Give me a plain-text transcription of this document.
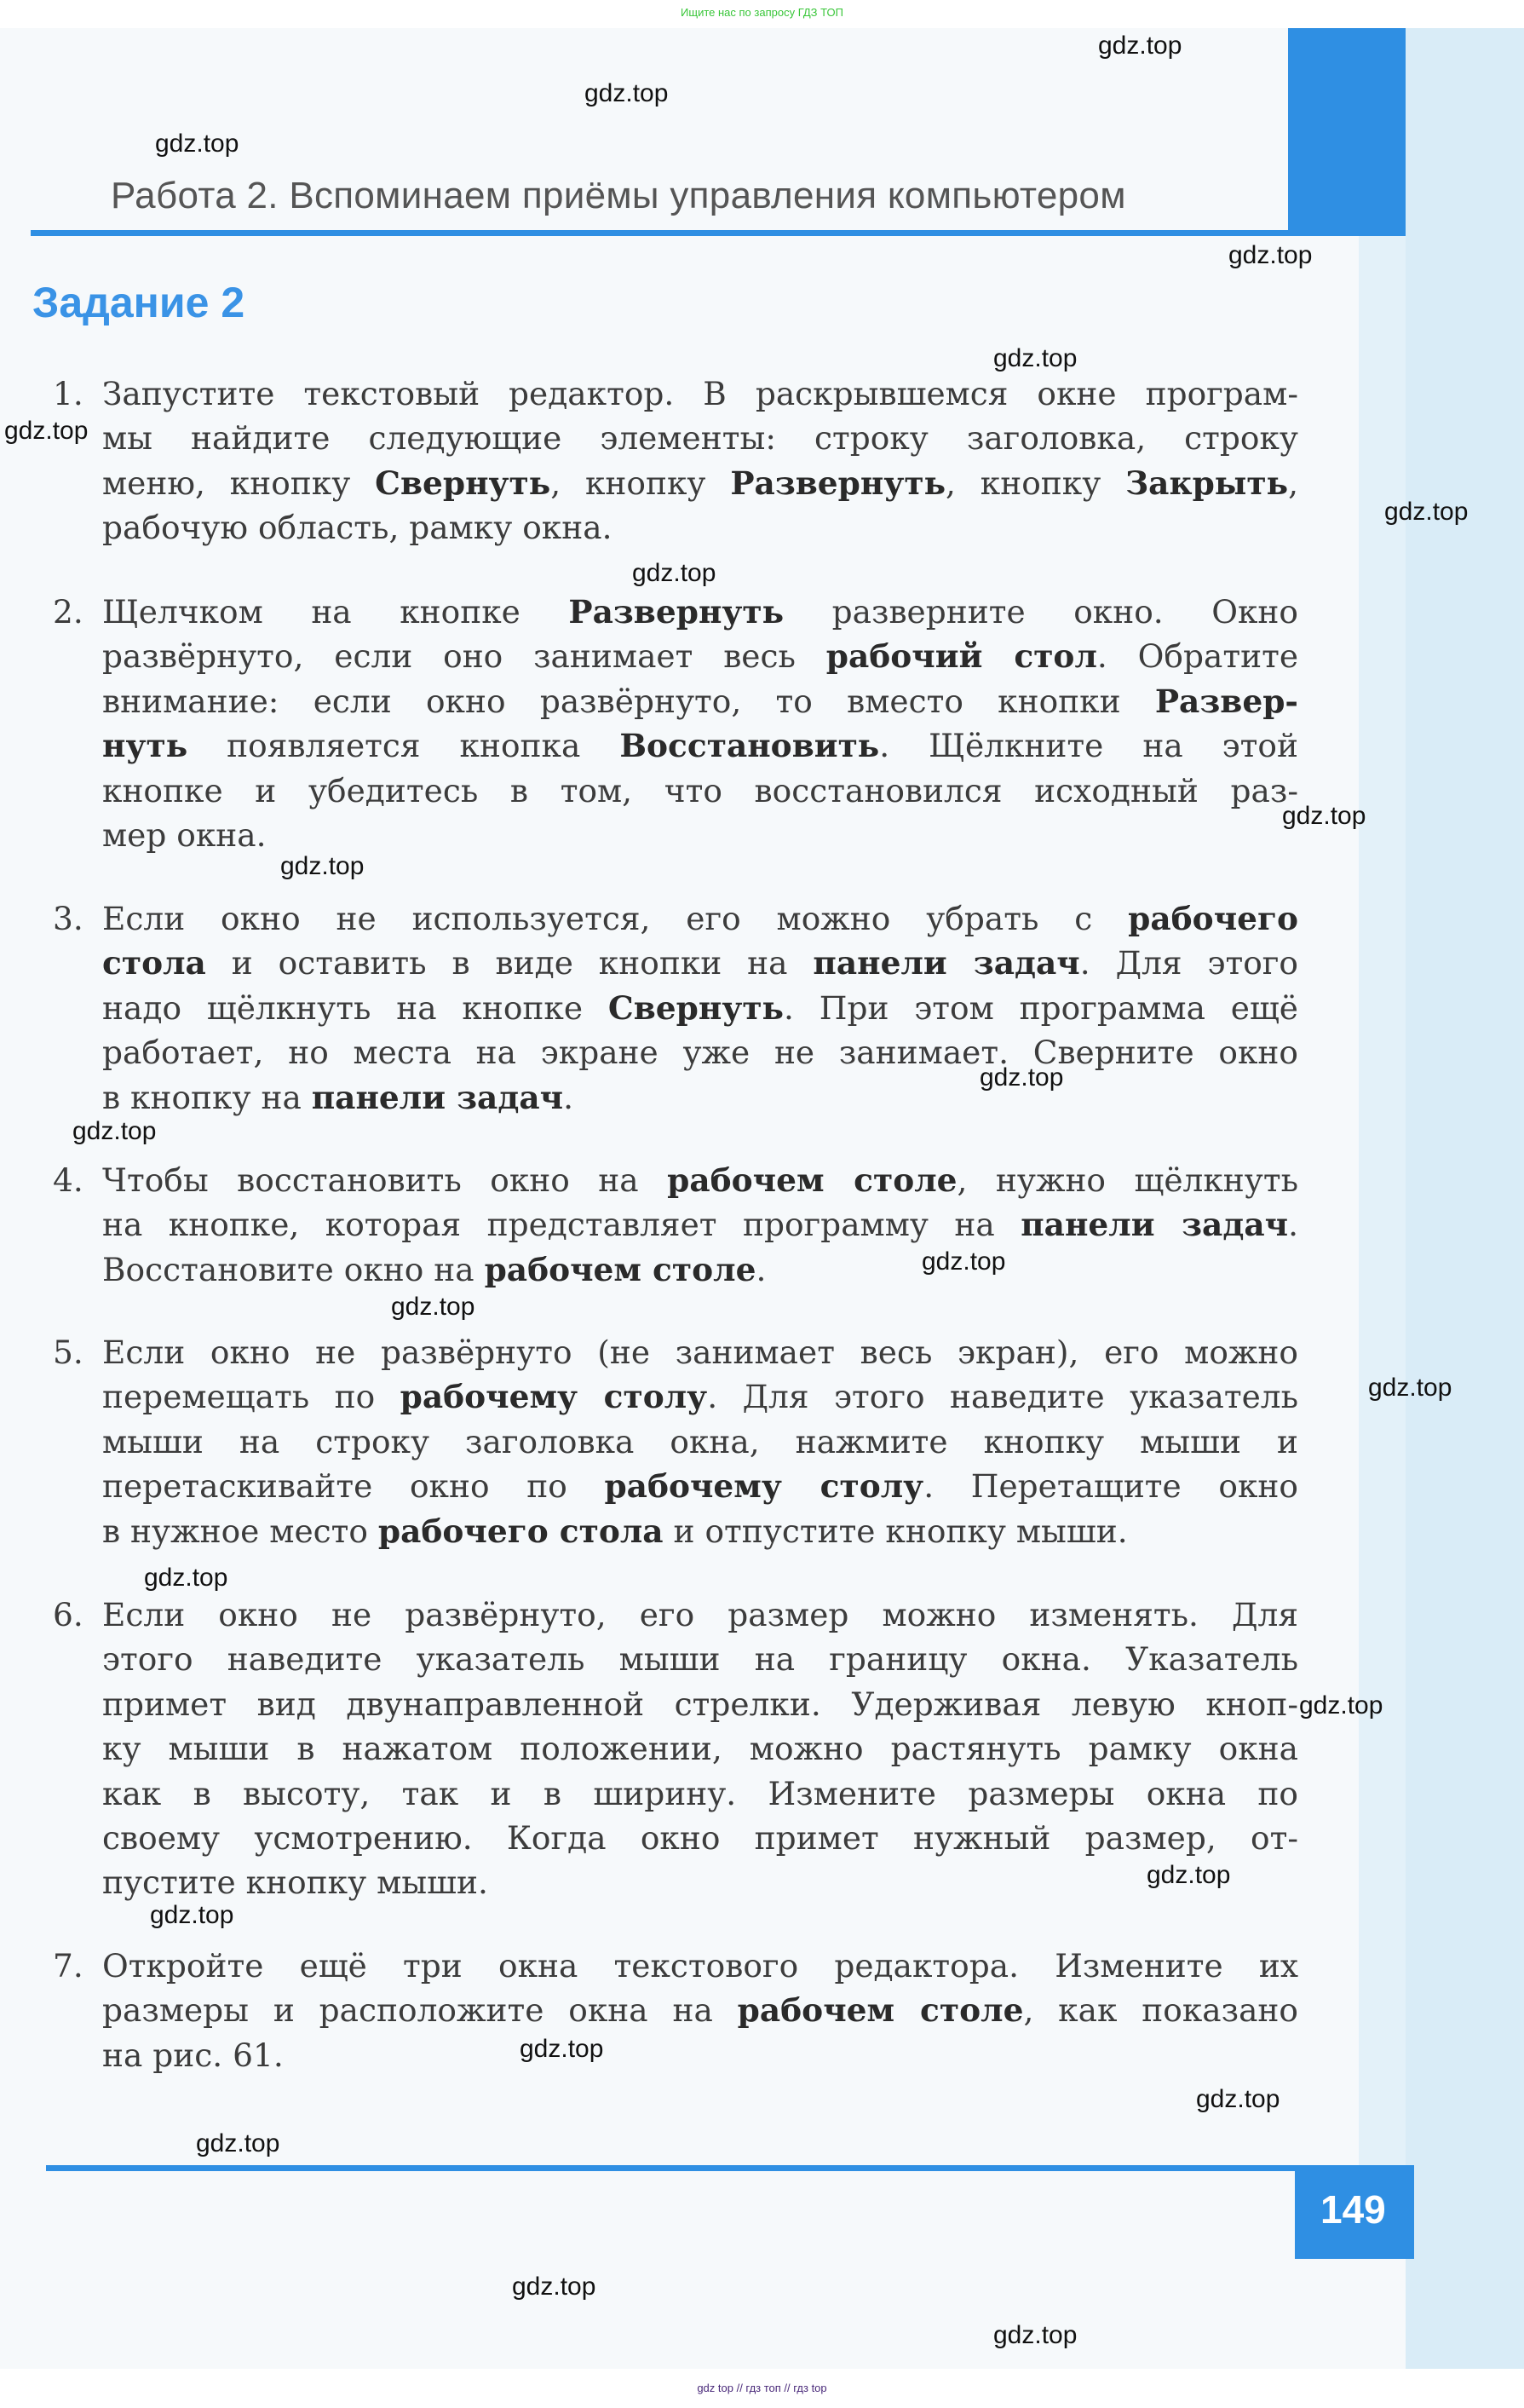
Ищите нас по запросу ГДЗ ТОП
Работа 2. Вспоминаем приёмы управления компьютером
Задание 2
1. Запустите текстовый редактор. В раскрывшемся окне програм-
мы найдите следующие элементы: строку заголовка, строку
меню, кнопку Свернуть, кнопку Развернуть, кнопку Закрыть,
рабочую область, рамку окна.
2. Щелчком на кнопке Развернуть разверните окно. Окно
развёрнуто, если оно занимает весь рабочий стол. Обратите
внимание: если окно развёрнуто, то вместо кнопки Развер-
нуть появляется кнопка Восстановить. Щёлкните на этой
кнопке и убедитесь в том, что восстановился исходный раз-
мер окна.
3. Если окно не используется, его можно убрать с рабочего
стола и оставить в виде кнопки на панели задач. Для этого
надо щёлкнуть на кнопке Свернуть. При этом программа ещё
работает, но места на экране уже не занимает. Сверните окно
в кнопку на панели задач.
4. Чтобы восстановить окно на рабочем столе, нужно щёлкнуть
на кнопке, которая представляет программу на панели задач.
Восстановите окно на рабочем столе.
5. Если окно не развёрнуто (не занимает весь экран), его можно
перемещать по рабочему столу. Для этого наведите указатель
мыши на строку заголовка окна, нажмите кнопку мыши и
перетаскивайте окно по рабочему столу. Перетащите окно
в нужное место рабочего стола и отпустите кнопку мыши.
6. Если окно не развёрнуто, его размер можно изменять. Для
этого наведите указатель мыши на границу окна. Указатель
примет вид двунаправленной стрелки. Удерживая левую кноп-
ку мыши в нажатом положении, можно растянуть рамку окна
как в высоту, так и в ширину. Измените размеры окна по
своему усмотрению. Когда окно примет нужный размер, от-
пустите кнопку мыши.
7. Откройте ещё три окна текстового редактора. Измените их
размеры и расположите окна на рабочем столе, как показано
на рис. 61.
149
gdz top // гдз топ // гдз top
gdz.top
gdz.top
gdz.top
gdz.top
gdz.top
gdz.top
gdz.top
gdz.top
gdz.top
gdz.top
gdz.top
gdz.top
gdz.top
gdz.top
gdz.top
gdz.top
gdz.top
gdz.top
gdz.top
gdz.top
gdz.top
gdz.top
gdz.top
gdz.top
